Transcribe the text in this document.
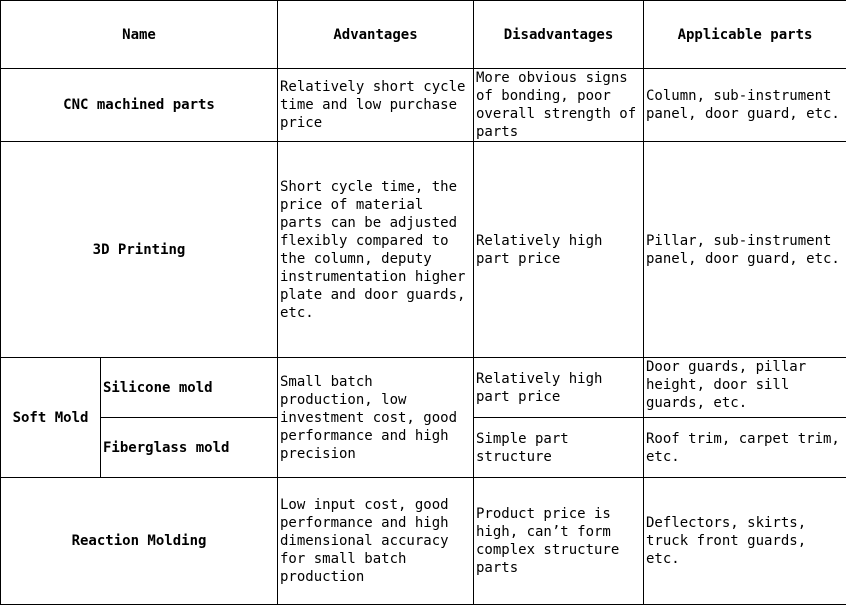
Name		Advantages	Disadvantages	Applicable parts
CNC machined parts		Relatively short cycle time and low purchase price	More obvious signs of bonding, poor overall strength of parts	Column, sub-instrument panel, door guard, etc.
3D Printing		Short cycle time, the price of material parts can be adjusted flexibly compared to the column, deputy instrumentation higher plate and door guards, etc.	Relatively high part price	Pillar, sub-instrument panel, door guard, etc.
Soft Mold	Silicone mold	Small batch production, low investment cost, good performance and high precision	Relatively high part price	Door guards, pillar height, door sill guards, etc.
	Fiberglass mold		Simple part structure	Roof trim, carpet trim, etc.
Reaction Molding		Low input cost, good performance and high dimensional accuracy for small batch production	Product price is high, can’t form complex structure parts	Deflectors, skirts, truck front guards, etc.
